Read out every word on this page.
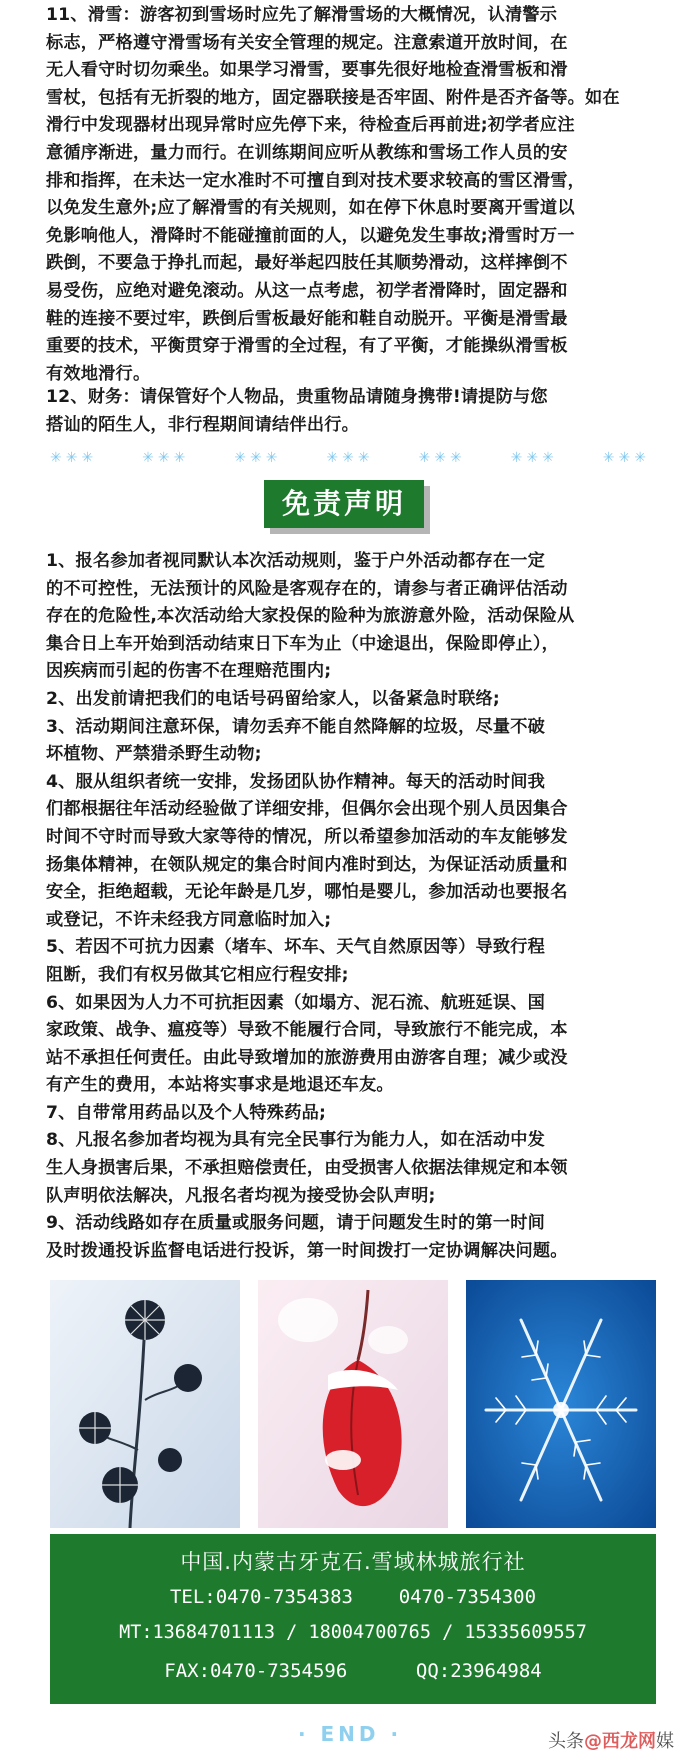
11、滑雪：游客初到雪场时应先了解滑雪场的大概情况，认清警示
标志，严格遵守滑雪场有关安全管理的规定。注意索道开放时间，在
无人看守时切勿乘坐。如果学习滑雪，要事先很好地检查滑雪板和滑
雪杖，包括有无折裂的地方，固定器联接是否牢固、附件是否齐备等。如在
滑行中发现器材出现异常时应先停下来，待检查后再前进;初学者应注
意循序渐进，量力而行。在训练期间应听从教练和雪场工作人员的安
排和指挥，在未达一定水准时不可擅自到对技术要求较高的雪区滑雪，
以免发生意外;应了解滑雪的有关规则，如在停下休息时要离开雪道以
免影响他人，滑降时不能碰撞前面的人，以避免发生事故;滑雪时万一
跌倒，不要急于挣扎而起，最好举起四肢任其顺势滑动，这样摔倒不
易受伤，应绝对避免滚动。从这一点考虑，初学者滑降时，固定器和
鞋的连接不要过牢，跌倒后雪板最好能和鞋自动脱开。平衡是滑雪最
重要的技术，平衡贯穿于滑雪的全过程，有了平衡，才能操纵滑雪板
有效地滑行。
12、财务：请保管好个人物品，贵重物品请随身携带!请提防与您
搭讪的陌生人，非行程期间请结伴出行。
✳✳✳	✳✳✳	✳✳✳	✳✳✳	✳✳✳	✳✳✳	✳✳✳
免责声明
1、报名参加者视同默认本次活动规则，鉴于户外活动都存在一定
的不可控性，无法预计的风险是客观存在的，请参与者正确评估活动
存在的危险性,本次活动给大家投保的险种为旅游意外险，活动保险从
集合日上车开始到活动结束日下车为止（中途退出，保险即停止），
因疾病而引起的伤害不在理赔范围内;
2、出发前请把我们的电话号码留给家人，以备紧急时联络;
3、活动期间注意环保，请勿丢弃不能自然降解的垃圾，尽量不破
坏植物、严禁猎杀野生动物;
4、服从组织者统一安排，发扬团队协作精神。每天的活动时间我
们都根据往年活动经验做了详细安排，但偶尔会出现个别人员因集合
时间不守时而导致大家等待的情况，所以希望参加活动的车友能够发
扬集体精神，在领队规定的集合时间内准时到达，为保证活动质量和
安全，拒绝超载，无论年龄是几岁，哪怕是婴儿，参加活动也要报名
或登记，不许未经我方同意临时加入;
5、若因不可抗力因素（堵车、坏车、天气自然原因等）导致行程
阻断，我们有权另做其它相应行程安排;
6、如果因为人力不可抗拒因素（如塌方、泥石流、航班延误、国
家政策、战争、瘟疫等）导致不能履行合同，导致旅行不能完成，本
站不承担任何责任。由此导致增加的旅游费用由游客自理；减少或没
有产生的费用，本站将实事求是地退还车友。
7、自带常用药品以及个人特殊药品;
8、凡报名参加者均视为具有完全民事行为能力人，如在活动中发
生人身损害后果，不承担赔偿责任，由受损害人依据法律规定和本领
队声明依法解决，凡报名者均视为接受协会队声明;
9、活动线路如存在质量或服务问题，请于问题发生时的第一时间
及时拨通投诉监督电话进行投诉，第一时间拨打一定协调解决问题。
中国.内蒙古牙克石.雪域林城旅行社
TEL:0470-7354383    0470-7354300
MT:13684701113 / 18004700765 / 15335609557
FAX:0470-7354596      QQ:23964984
· END ·	头条@西龙网媒
